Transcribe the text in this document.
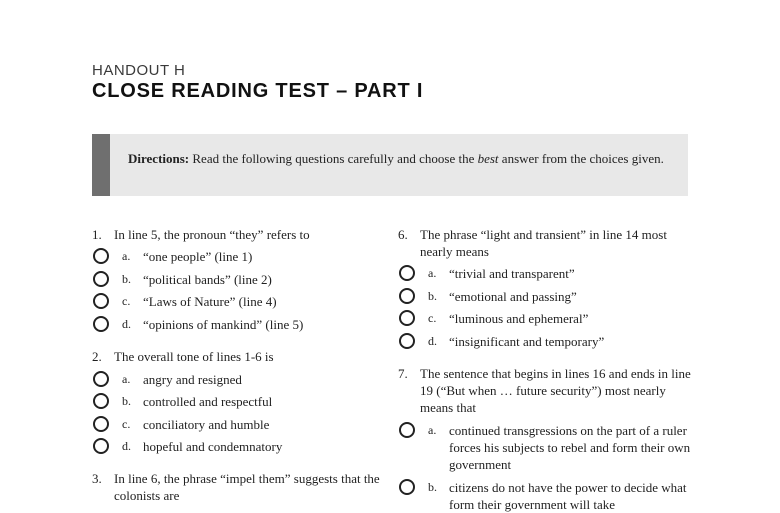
HANDOUT H
CLOSE READING TEST – PART I
Directions: Read the following questions carefully and choose the best answer from the choices given.
1. In line 5, the pronoun “they” refers to
a. “one people” (line 1)
b. “political bands” (line 2)
c. “Laws of Nature” (line 4)
d. “opinions of mankind” (line 5)
2. The overall tone of lines 1-6 is
a. angry and resigned
b. controlled and respectful
c. conciliatory and humble
d. hopeful and condemnatory
3. In line 6, the phrase “impel them” suggests that the colonists are
6. The phrase “light and transient” in line 14 most nearly means
a. “trivial and transparent”
b. “emotional and passing”
c. “luminous and ephemeral”
d. “insignificant and temporary”
7. The sentence that begins in lines 16 and ends in line 19 (“But when … future security”) most nearly means that
a. continued transgressions on the part of a ruler forces his subjects to rebel and form their own government
b. citizens do not have the power to decide what form their government will take
